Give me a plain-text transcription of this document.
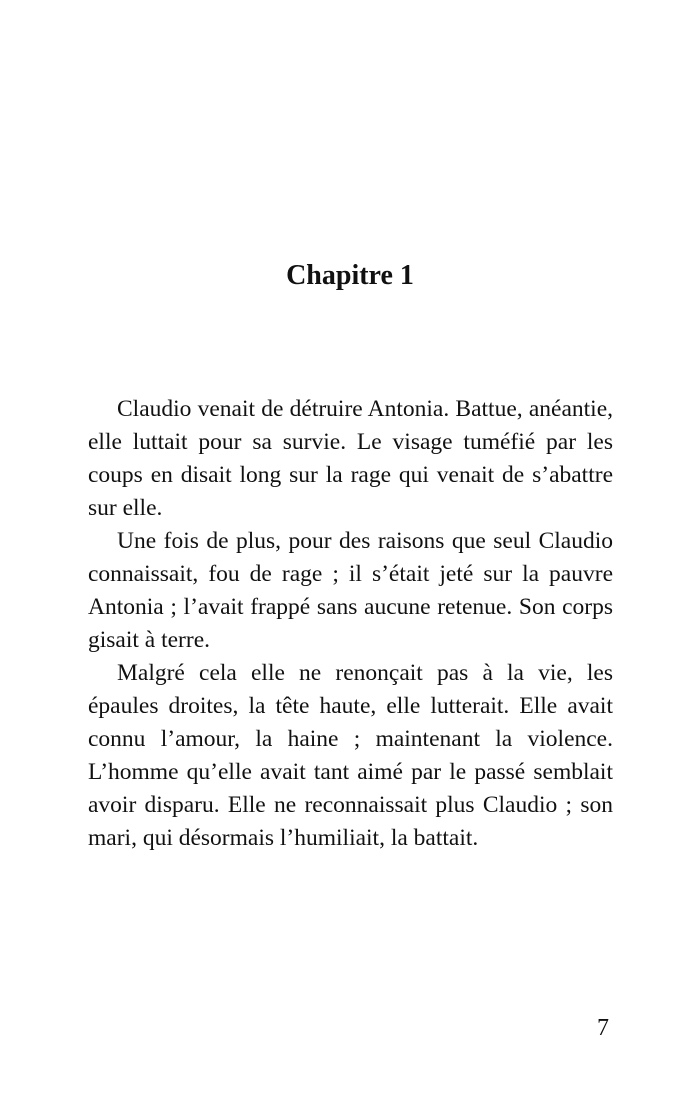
Chapitre 1

Claudio venait de détruire Antonia. Battue, anéantie, elle luttait pour sa survie. Le visage tuméfié par les coups en disait long sur la rage qui venait de s’abattre sur elle.

Une fois de plus, pour des raisons que seul Claudio connaissait, fou de rage ; il s’était jeté sur la pauvre Antonia ; l’avait frappé sans aucune retenue. Son corps gisait à terre.

Malgré cela elle ne renonçait pas à la vie, les épaules droites, la tête haute, elle lutterait. Elle avait connu l’amour, la haine ; maintenant la violence. L’homme qu’elle avait tant aimé par le passé semblait avoir disparu. Elle ne reconnaissait plus Claudio ; son mari, qui désormais l’humiliait, la battait.

7
